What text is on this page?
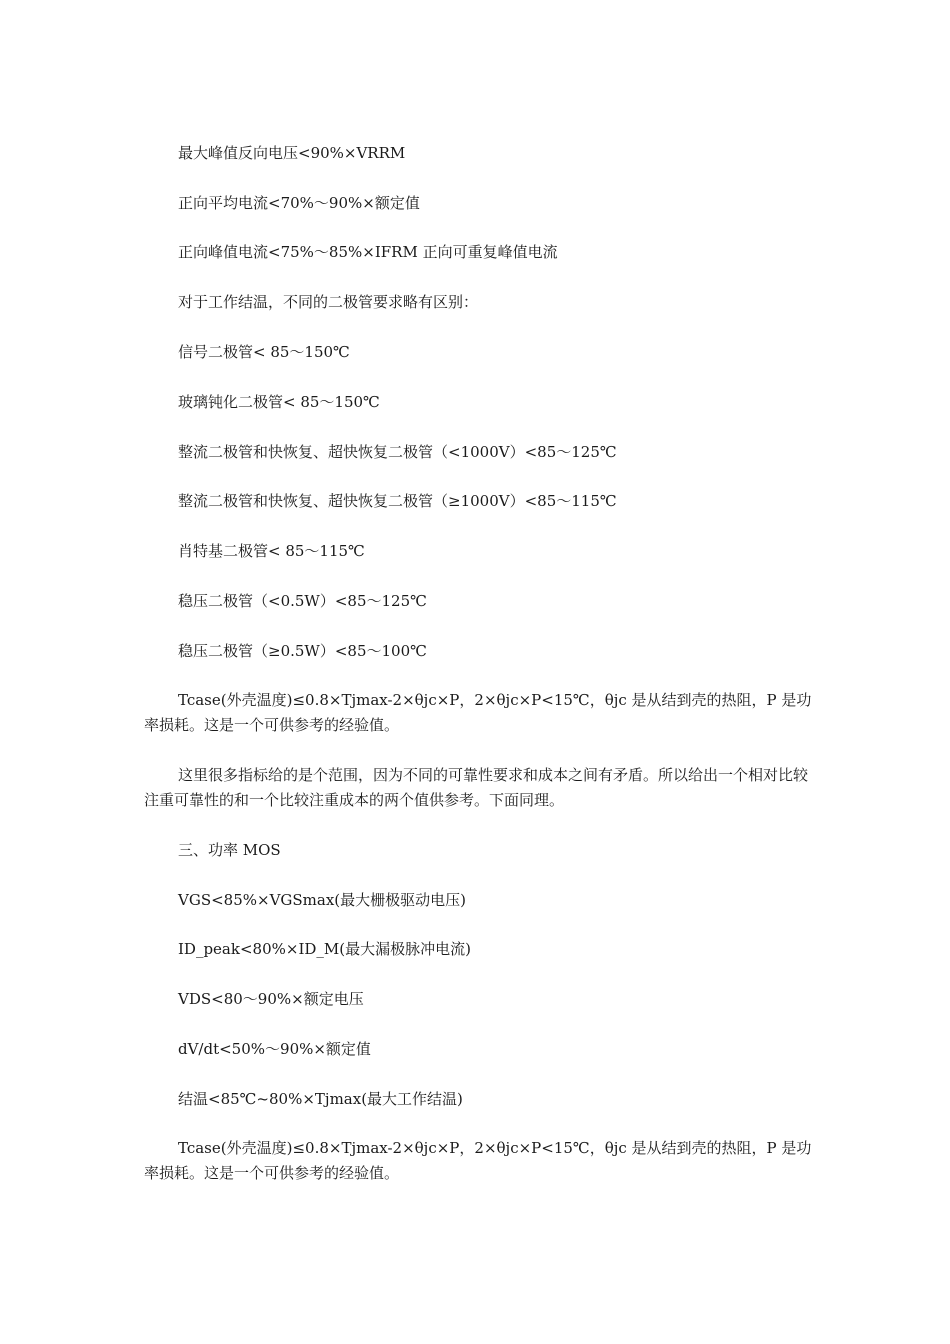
最大峰值反向电压<90%×VRRM
正向平均电流<70%～90%×额定值
正向峰值电流<75%～85%×IFRM 正向可重复峰值电流
对于工作结温，不同的二极管要求略有区别：
信号二极管< 85～150℃
玻璃钝化二极管< 85～150℃
整流二极管和快恢复、超快恢复二极管（<1000V）<85～125℃
整流二极管和快恢复、超快恢复二极管（≥1000V）<85～115℃
肖特基二极管< 85～115℃
稳压二极管（<0.5W）<85～125℃
稳压二极管（≥0.5W）<85～100℃
Tcase(外壳温度)≤0.8×Tjmax-2×θjc×P，2×θjc×P<15℃，θjc 是从结到壳的热阻，P 是功率损耗。这是一个可供参考的经验值。
这里很多指标给的是个范围，因为不同的可靠性要求和成本之间有矛盾。所以给出一个相对比较注重可靠性的和一个比较注重成本的两个值供参考。下面同理。
三、功率 MOS
VGS<85%×VGSmax(最大栅极驱动电压)
ID_peak<80%×ID_M(最大漏极脉冲电流)
VDS<80～90%×额定电压
dV/dt<50%～90%×额定值
结温<85℃~80%×Tjmax(最大工作结温)
Tcase(外壳温度)≤0.8×Tjmax-2×θjc×P，2×θjc×P<15℃，θjc 是从结到壳的热阻，P 是功率损耗。这是一个可供参考的经验值。
